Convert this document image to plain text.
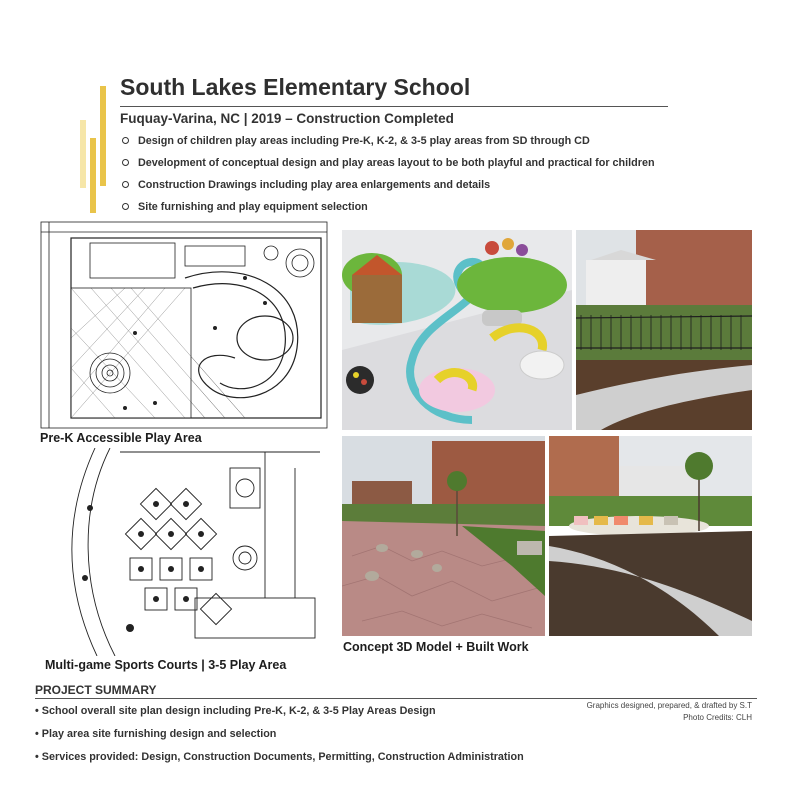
South Lakes Elementary School
Fuquay-Varina, NC | 2019 – Construction Completed
Design of children play areas including Pre-K, K-2, & 3-5 play areas from SD through CD
Development of conceptual design and play areas layout to be both playful and practical for children
Construction Drawings including play area enlargements and details
Site furnishing and play equipment selection
Pre-K Accessible Play Area
Multi-game Sports Courts | 3-5 Play Area
Concept 3D Model + Built Work
PROJECT SUMMARY
Graphics designed, prepared, & drafted by S.T
Photo Credits: CLH
• School overall site plan design including Pre-K, K-2, & 3-5 Play Areas Design
• Play area site furnishing design and selection
• Services provided: Design, Construction Documents, Permitting, Construction Administration
